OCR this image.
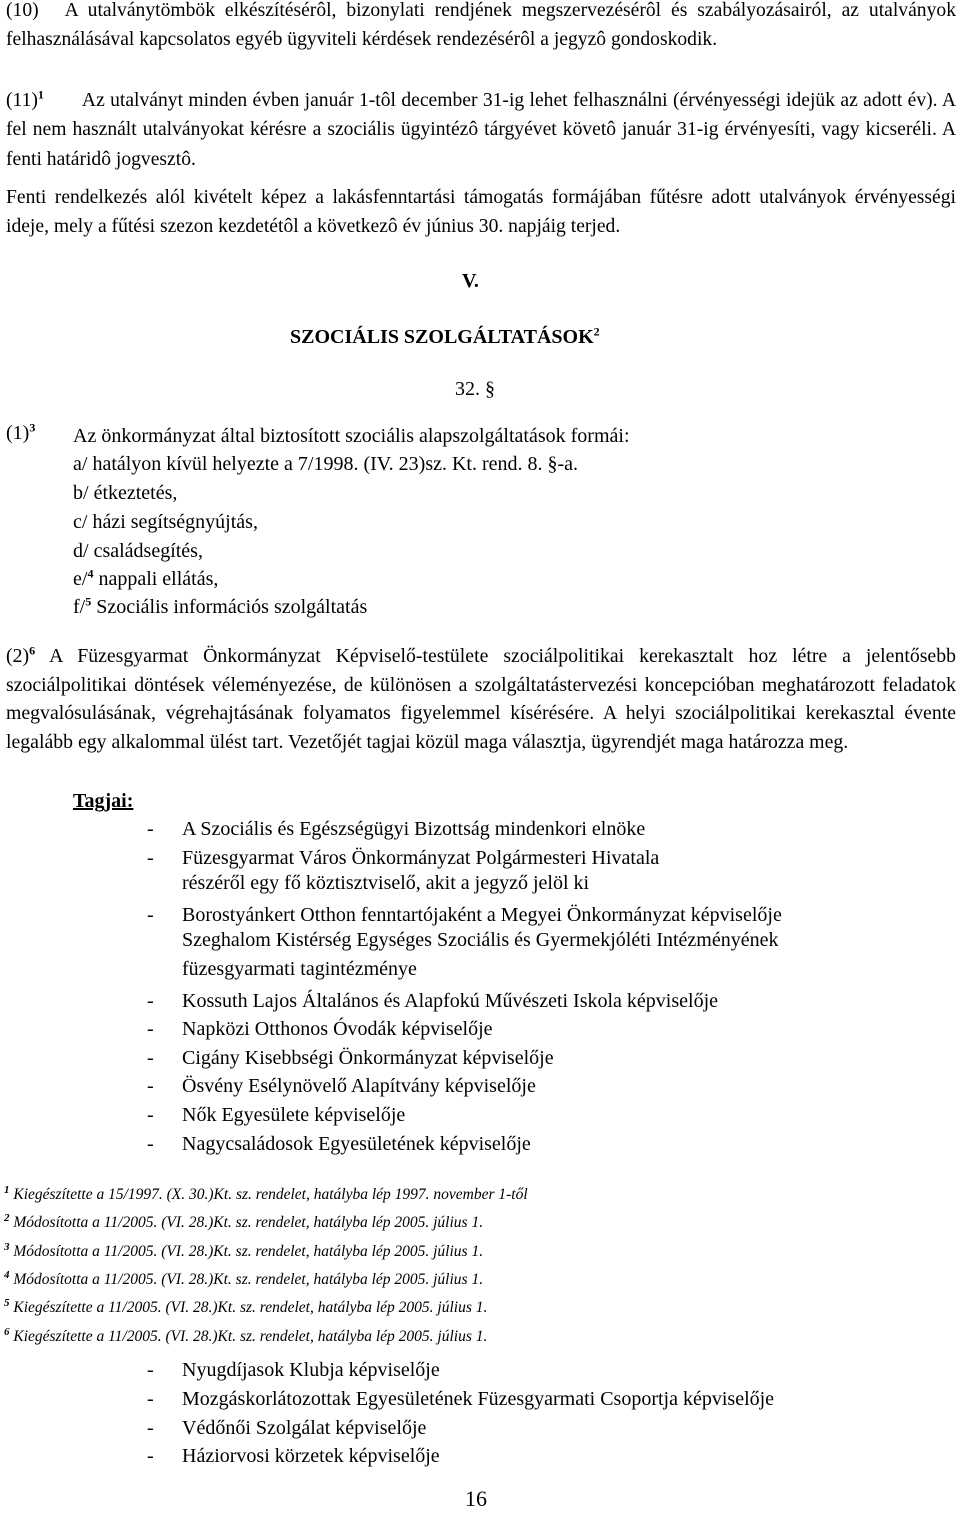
(10) A utalványtömbök elkészítésérôl, bizonylati rendjének megszervezésérôl és szabályozásairól, az utalványok felhasználásával kapcsolatos egyéb ügyviteli kérdések rendezésérôl a jegyzô gondoskodik.
$(11)^1$ Az utalványt minden évben január 1-tôl december 31-ig lehet felhasználni (érvényességi idejük az adott év). A fel nem használt utalványokat kérésre a szociális ügyintézô tárgyévet követô január 31-ig érvényesíti, vagy kicseréli. A fenti határidô jogvesztô.
Fenti rendelkezés alól kivételt képez a lakásfenntartási támogatás formájában fűtésre adott utalványok érvényességi ideje, mely a fűtési szezon kezdetétôl a következô év június 30. napjáig terjed.
V.
SZOCIÁLIS SZOLGÁLTATÁSOK$^2$
32. §
$(1)^3$ Az önkormányzat által biztosított szociális alapszolgáltatások formái:
a/ hatályon kívül helyezte a 7/1998. (IV. 23)sz. Kt. rend. 8. §-a.
b/ étkeztetés,
c/ házi segítségnyújtás,
d/ családsegítés,
e/$^4$ nappali ellátás,
f/$^5$ Szociális információs szolgáltatás
$(2)^6$ A Füzesgyarmat Önkormányzat Képviselő-testülete szociálpolitikai kerekasztalt hoz létre a jelentősebb szociálpolitikai döntések véleményezése, de különösen a szolgáltatástervezési koncepcióban meghatározott feladatok megvalósulásának, végrehajtásának folyamatos figyelemmel kísérésére. A helyi szociálpolitikai kerekasztal évente legalább egy alkalommal ülést tart. Vezetőjét tagjai közül maga választja, ügyrendjét maga határozza meg.
Tagjai:
- A Szociális és Egészségügyi Bizottság mindenkori elnöke
- Füzesgyarmat Város Önkormányzat Polgármesteri Hivatala
részéről egy fő köztisztviselő, akit a jegyző jelöl ki
- Borostyánkert Otthon fenntartójaként a Megyei Önkormányzat képviselője
Szeghalom Kistérség Egységes Szociális és Gyermekjóléti Intézményének
füzesgyarmati tagintézménye
- Kossuth Lajos Általános és Alapfokú Művészeti Iskola képviselője
- Napközi Otthonos Óvodák képviselője
- Cigány Kisebbségi Önkormányzat képviselője
- Ösvény Esélynövelő Alapítvány képviselője
- Nők Egyesülete képviselője
- Nagycsaládosok Egyesületének képviselője
$^1$ Kiegészítette a 15/1997. (X. 30.)Kt. sz. rendelet, hatályba lép 1997. november 1-től
$^2$ Módosította a 11/2005. (VI. 28.)Kt. sz. rendelet, hatályba lép 2005. július 1.
$^3$ Módosította a 11/2005. (VI. 28.)Kt. sz. rendelet, hatályba lép 2005. július 1.
$^4$ Módosította a 11/2005. (VI. 28.)Kt. sz. rendelet, hatályba lép 2005. július 1.
$^5$ Kiegészítette a 11/2005. (VI. 28.)Kt. sz. rendelet, hatályba lép 2005. július 1.
$^6$ Kiegészítette a 11/2005. (VI. 28.)Kt. sz. rendelet, hatályba lép 2005. július 1.
- Nyugdíjasok Klubja képviselője
- Mozgáskorlátozottak Egyesületének Füzesgyarmati Csoportja képviselője
- Védőnői Szolgálat képviselője
- Háziorvosi körzetek képviselője
16
